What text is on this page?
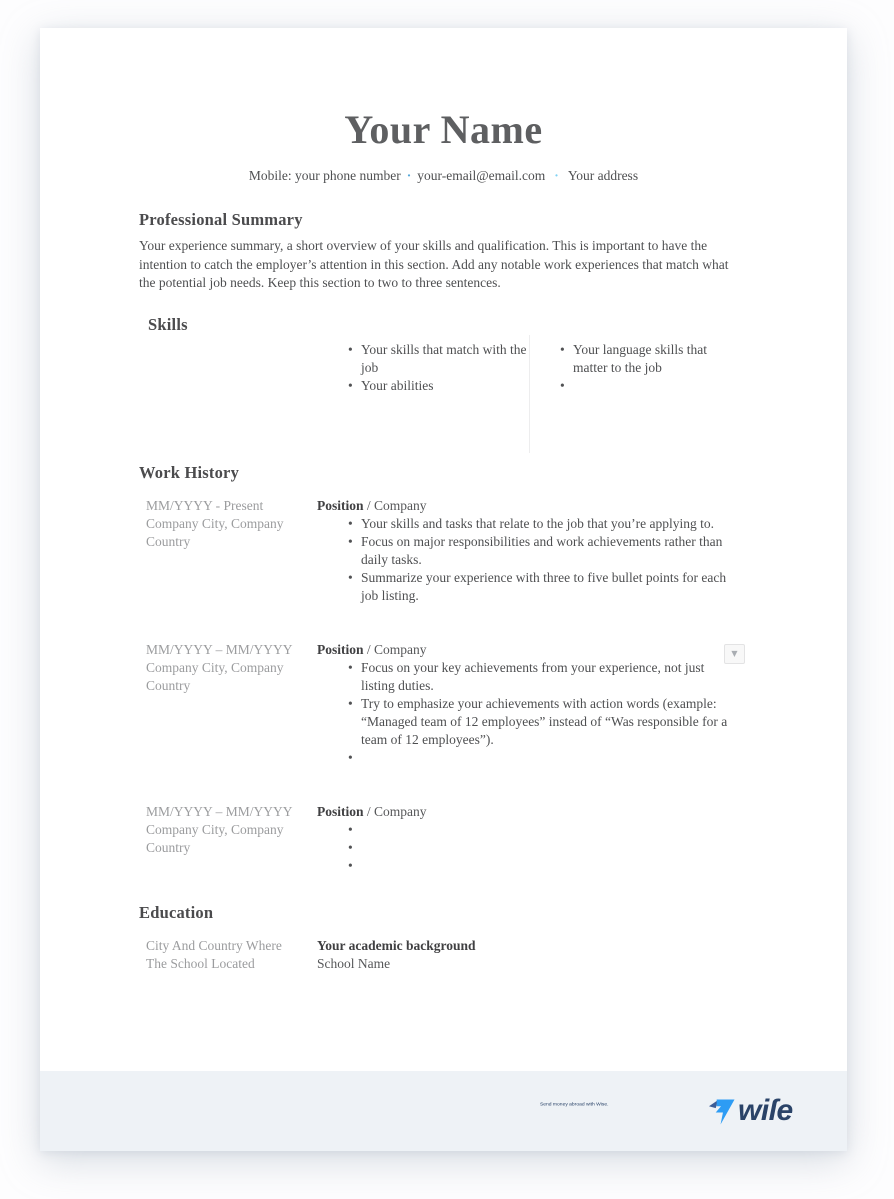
Your Name
Mobile: your phone number · your-email@email.com · Your address
Professional Summary
Your experience summary, a short overview of your skills and qualification. This is important to have the intention to catch the employer’s attention in this section. Add any notable work experiences that match what the potential job needs. Keep this section to two to three sentences.
Skills
• Your skills that match with the job
• Your abilities
• Your language skills that matter to the job
•
Work History
MM/YYYY - Present
Company City, Company Country
Position / Company
• Your skills and tasks that relate to the job that you’re applying to.
• Focus on major responsibilities and work achievements rather than daily tasks.
• Summarize your experience with three to five bullet points for each job listing.
MM/YYYY – MM/YYYY
Company City, Company Country
Position / Company
• Focus on your key achievements from your experience, not just listing duties.
• Try to emphasize your achievements with action words (example: “Managed team of 12 employees” instead of “Was responsible for a team of 12 employees”).
•
MM/YYYY – MM/YYYY
Company City, Company Country
Position / Company
•
•
•
Education
City And Country Where The School Located
Your academic background
School Name
▼
Send money abroad with Wise.	wiſe
